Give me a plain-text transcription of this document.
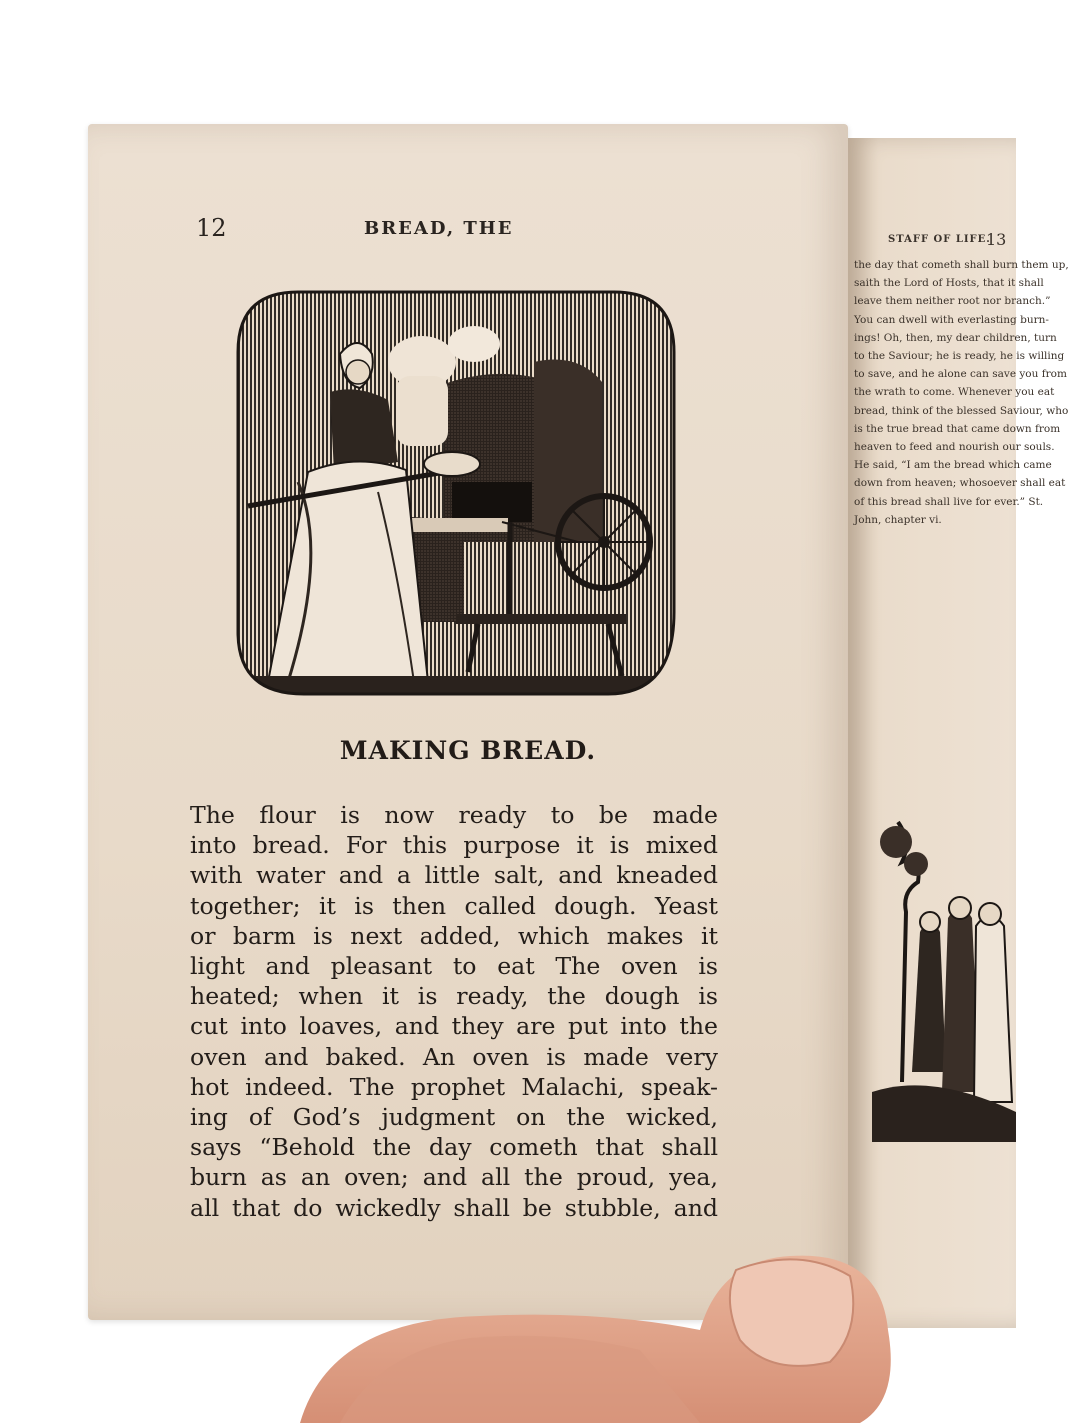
12	BREAD, THE
MAKING BREAD.
The flour is now ready to be made
into bread. For this purpose it is mixed
with water and a little salt, and kneaded
together; it is then called dough. Yeast
or barm is next added, which makes it
light and pleasant to eat The oven is
heated; when it is ready, the dough is
cut into loaves, and they are put into the
oven and baked. An oven is made very
hot indeed. The prophet Malachi, speak-
ing of God’s judgment on the wicked,
says “Behold the day cometh that shall
burn as an oven; and all the proud, yea,
all that do wickedly shall be stubble, and
STAFF OF LIFE.
13
the day that cometh shall burn them up,
saith the Lord of Hosts, that it shall
leave them neither root nor branch.”
You can dwell with everlasting burn-
ings! Oh, then, my dear children, turn
to the Saviour; he is ready, he is willing
to save, and he alone can save you from
the wrath to come. Whenever you eat
bread, think of the blessed Saviour, who
is the true bread that came down from
heaven to feed and nourish our souls.
He said, “I am the bread which came
down from heaven; whosoever shall eat
of this bread shall live for ever.” St.
John, chapter vi.
